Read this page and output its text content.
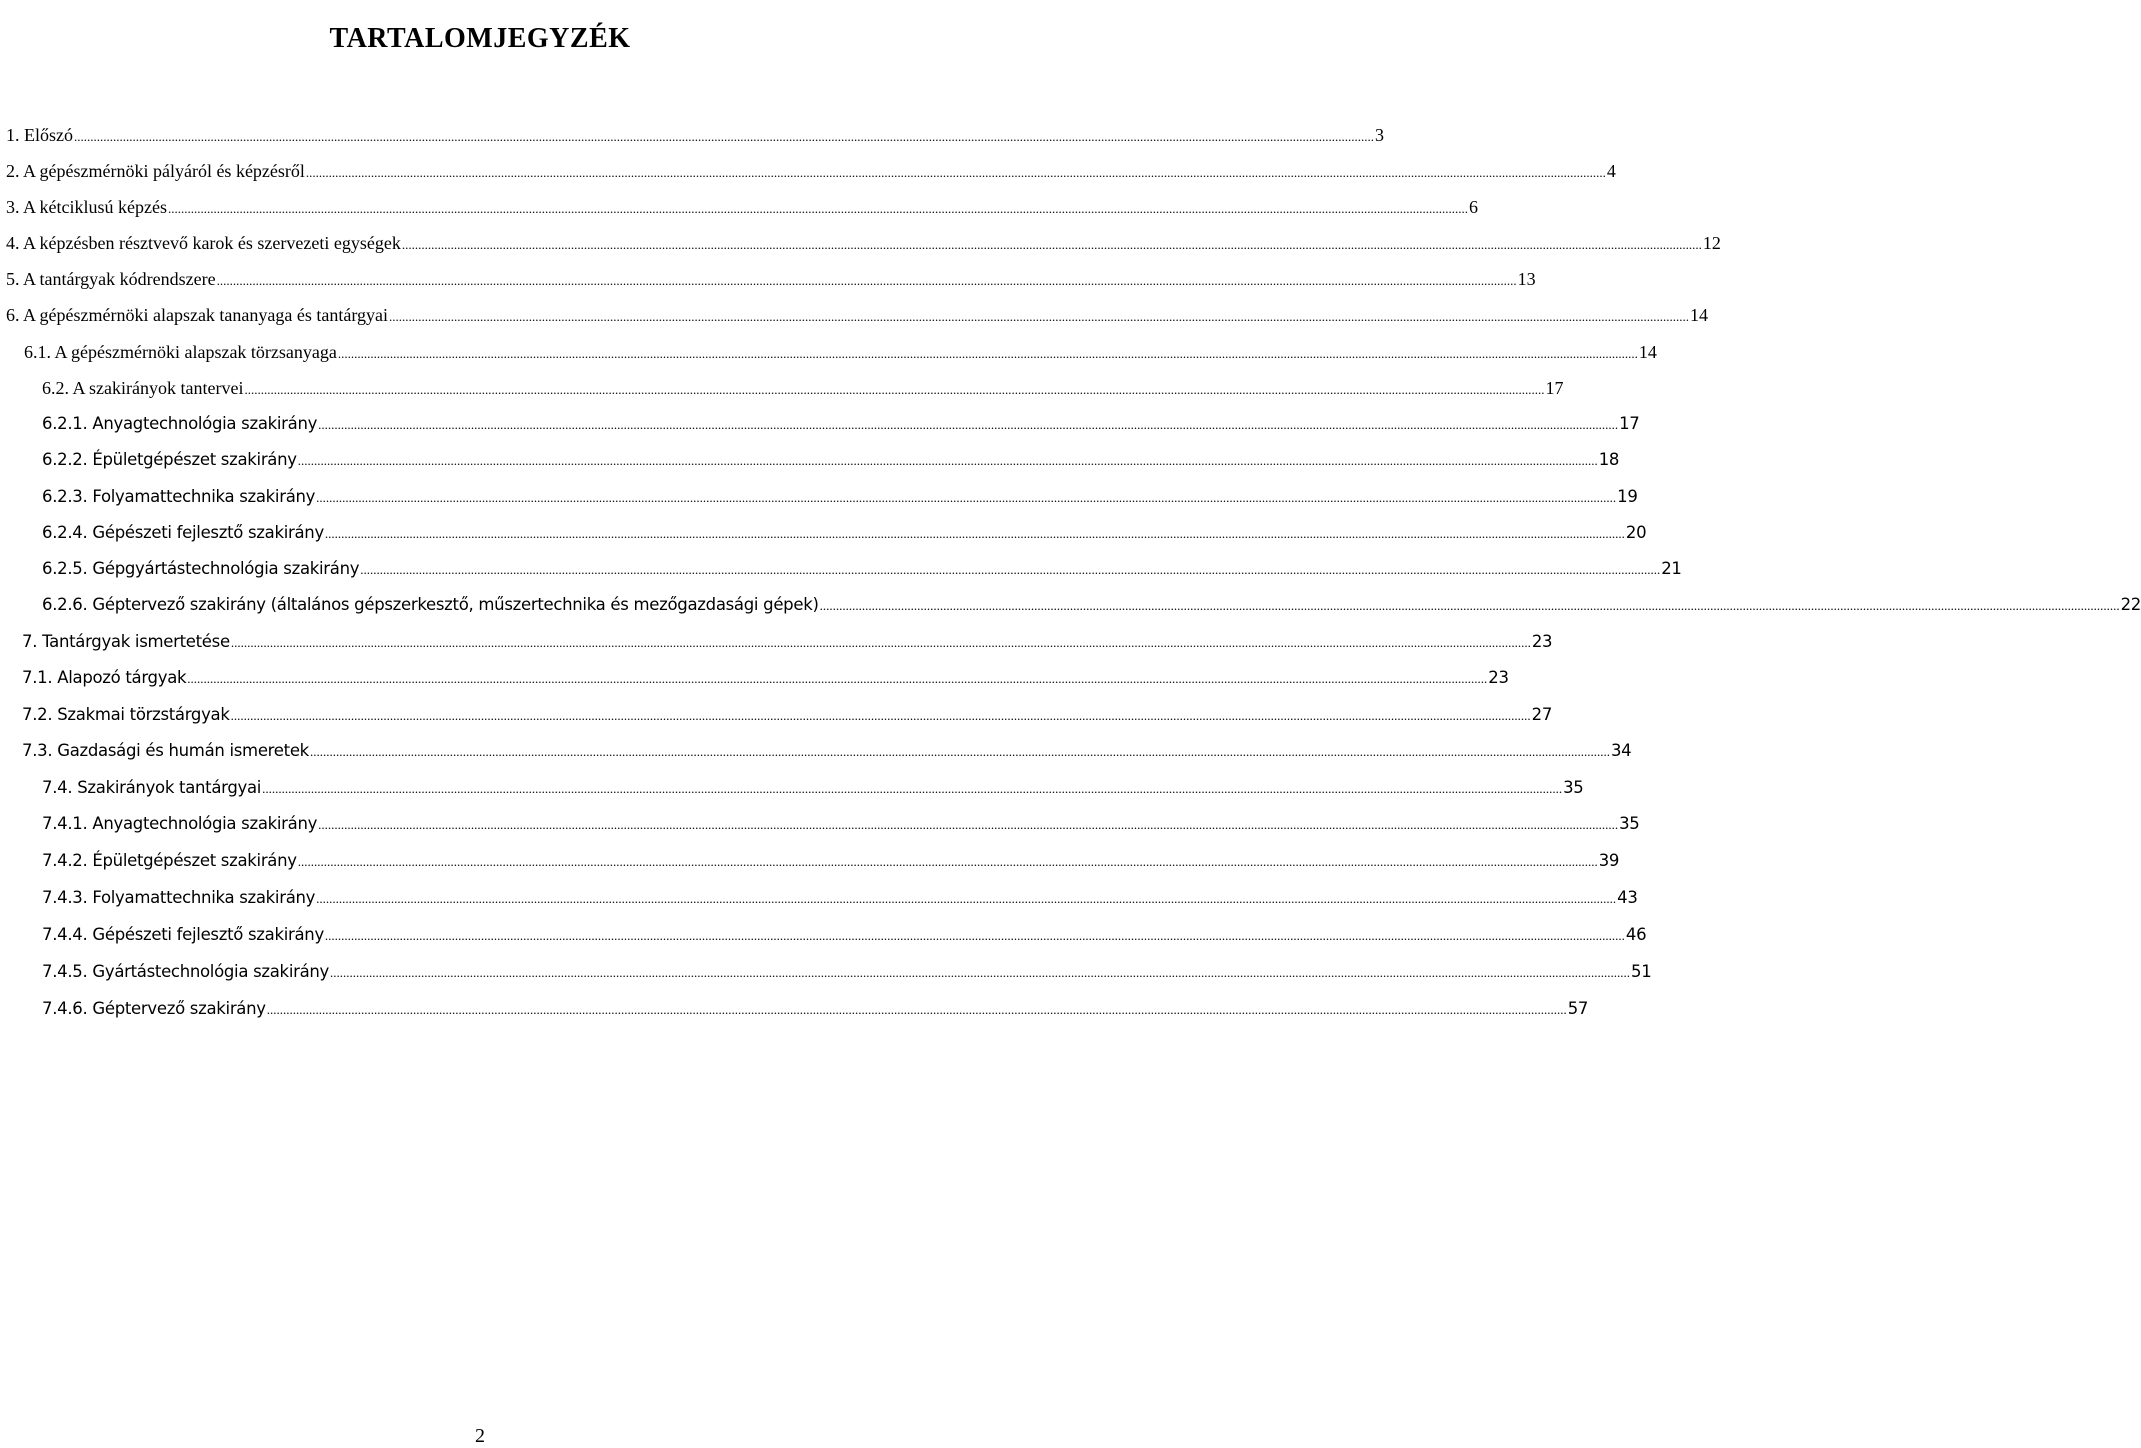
TARTALOMJEGYZÉK
1. Előszó ................................................................................................................................................................................................................................................................................................................................................................................................................ 3
2. A gépészmérnöki pályáról és képzésről ................................................................................................................................................................................................................................................................................................................................................................................................................ 4
3. A kétciklusú képzés ................................................................................................................................................................................................................................................................................................................................................................................................................ 6
4. A képzésben résztvevő karok és szervezeti egységek ................................................................................................................................................................................................................................................................................................................................................................................................................ 12
5. A tantárgyak kódrendszere ................................................................................................................................................................................................................................................................................................................................................................................................................ 13
6. A gépészmérnöki alapszak tananyaga és tantárgyai ................................................................................................................................................................................................................................................................................................................................................................................................................ 14
6.1. A gépészmérnöki alapszak törzsanyaga ................................................................................................................................................................................................................................................................................................................................................................................................................ 14
6.2. A szakirányok tantervei ................................................................................................................................................................................................................................................................................................................................................................................................................ 17
6.2.1. Anyagtechnológia szakirány ................................................................................................................................................................................................................................................................................................................................................................................................................ 17
6.2.2. Épületgépészet szakirány ................................................................................................................................................................................................................................................................................................................................................................................................................ 18
6.2.3. Folyamattechnika szakirány ................................................................................................................................................................................................................................................................................................................................................................................................................ 19
6.2.4. Gépészeti fejlesztő szakirány ................................................................................................................................................................................................................................................................................................................................................................................................................ 20
6.2.5. Gépgyártástechnológia szakirány ................................................................................................................................................................................................................................................................................................................................................................................................................ 21
6.2.6. Géptervező szakirány (általános gépszerkesztő, műszertechnika és mezőgazdasági gépek) ................................................................................................................................................................................................................................................................................................................................................................................................................ 22
7. Tantárgyak ismertetése ................................................................................................................................................................................................................................................................................................................................................................................................................ 23
7.1. Alapozó tárgyak ................................................................................................................................................................................................................................................................................................................................................................................................................ 23
7.2. Szakmai törzstárgyak ................................................................................................................................................................................................................................................................................................................................................................................................................ 27
7.3. Gazdasági és humán ismeretek ................................................................................................................................................................................................................................................................................................................................................................................................................ 34
7.4. Szakirányok tantárgyai ................................................................................................................................................................................................................................................................................................................................................................................................................ 35
7.4.1. Anyagtechnológia szakirány ................................................................................................................................................................................................................................................................................................................................................................................................................ 35
7.4.2. Épületgépészet szakirány ................................................................................................................................................................................................................................................................................................................................................................................................................ 39
7.4.3. Folyamattechnika szakirány ................................................................................................................................................................................................................................................................................................................................................................................................................ 43
7.4.4. Gépészeti fejlesztő szakirány ................................................................................................................................................................................................................................................................................................................................................................................................................ 46
7.4.5. Gyártástechnológia szakirány ................................................................................................................................................................................................................................................................................................................................................................................................................ 51
7.4.6. Géptervező szakirány ................................................................................................................................................................................................................................................................................................................................................................................................................ 57
2
